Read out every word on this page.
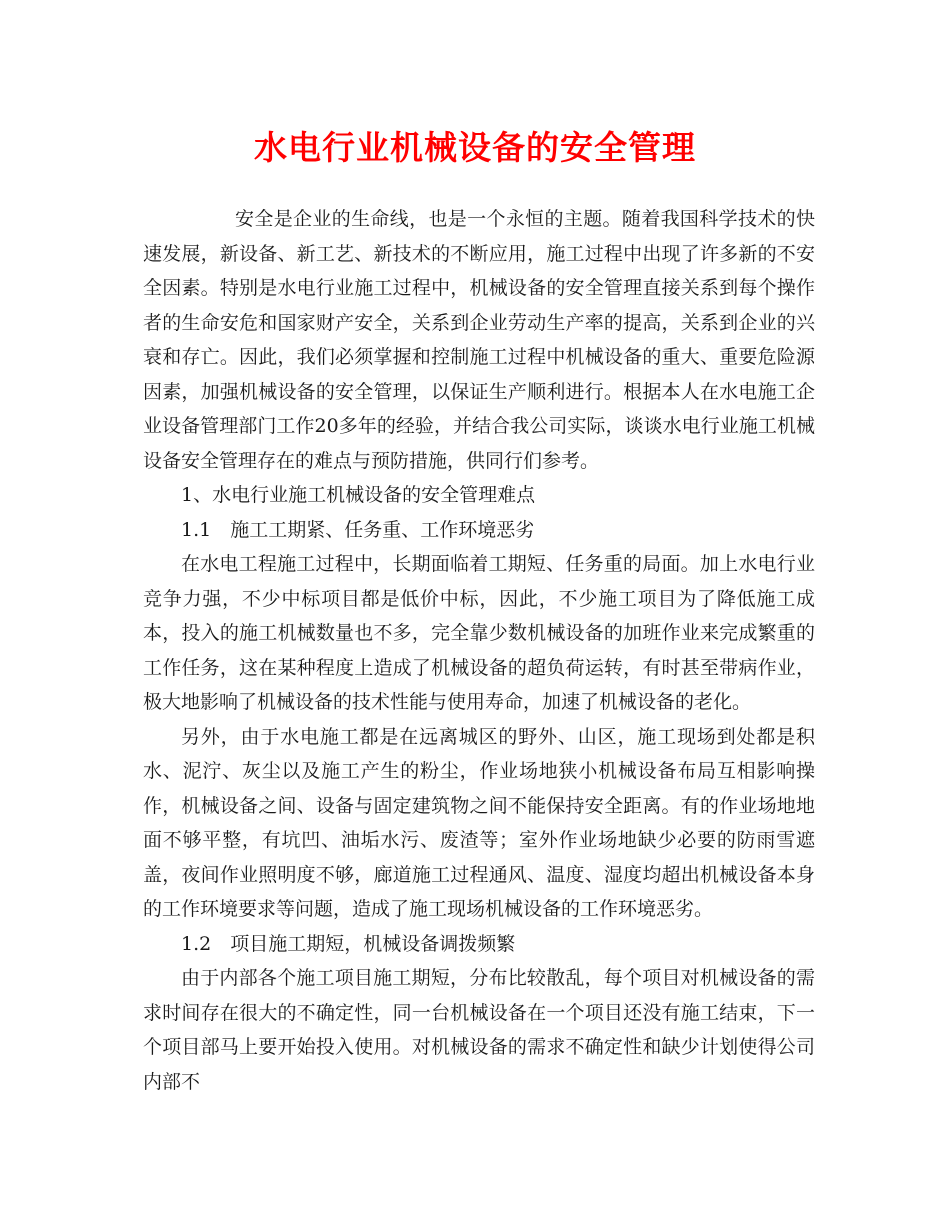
水电行业机械设备的安全管理

安全是企业的生命线，也是一个永恒的主题。随着我国科学技术的快速发展，新设备、新工艺、新技术的不断应用，施工过程中出现了许多新的不安全因素。特别是水电行业施工过程中，机械设备的安全管理直接关系到每个操作者的生命安危和国家财产安全，关系到企业劳动生产率的提高，关系到企业的兴衰和存亡。因此，我们必须掌握和控制施工过程中机械设备的重大、重要危险源因素，加强机械设备的安全管理，以保证生产顺利进行。根据本人在水电施工企业设备管理部门工作20多年的经验，并结合我公司实际，谈谈水电行业施工机械设备安全管理存在的难点与预防措施，供同行们参考。

1、水电行业施工机械设备的安全管理难点

1.1　施工工期紧、任务重、工作环境恶劣

在水电工程施工过程中，长期面临着工期短、任务重的局面。加上水电行业竞争力强，不少中标项目都是低价中标，因此，不少施工项目为了降低施工成本，投入的施工机械数量也不多，完全靠少数机械设备的加班作业来完成繁重的工作任务，这在某种程度上造成了机械设备的超负荷运转，有时甚至带病作业，极大地影响了机械设备的技术性能与使用寿命，加速了机械设备的老化。

另外，由于水电施工都是在远离城区的野外、山区，施工现场到处都是积水、泥泞、灰尘以及施工产生的粉尘，作业场地狭小机械设备布局互相影响操作，机械设备之间、设备与固定建筑物之间不能保持安全距离。有的作业场地地面不够平整，有坑凹、油垢水污、废渣等；室外作业场地缺少必要的防雨雪遮盖，夜间作业照明度不够，廊道施工过程通风、温度、湿度均超出机械设备本身的工作环境要求等问题，造成了施工现场机械设备的工作环境恶劣。

1.2　项目施工期短，机械设备调拨频繁

由于内部各个施工项目施工期短，分布比较散乱，每个项目对机械设备的需求时间存在很大的不确定性，同一台机械设备在一个项目还没有施工结束，下一个项目部马上要开始投入使用。对机械设备的需求不确定性和缺少计划使得公司内部不
